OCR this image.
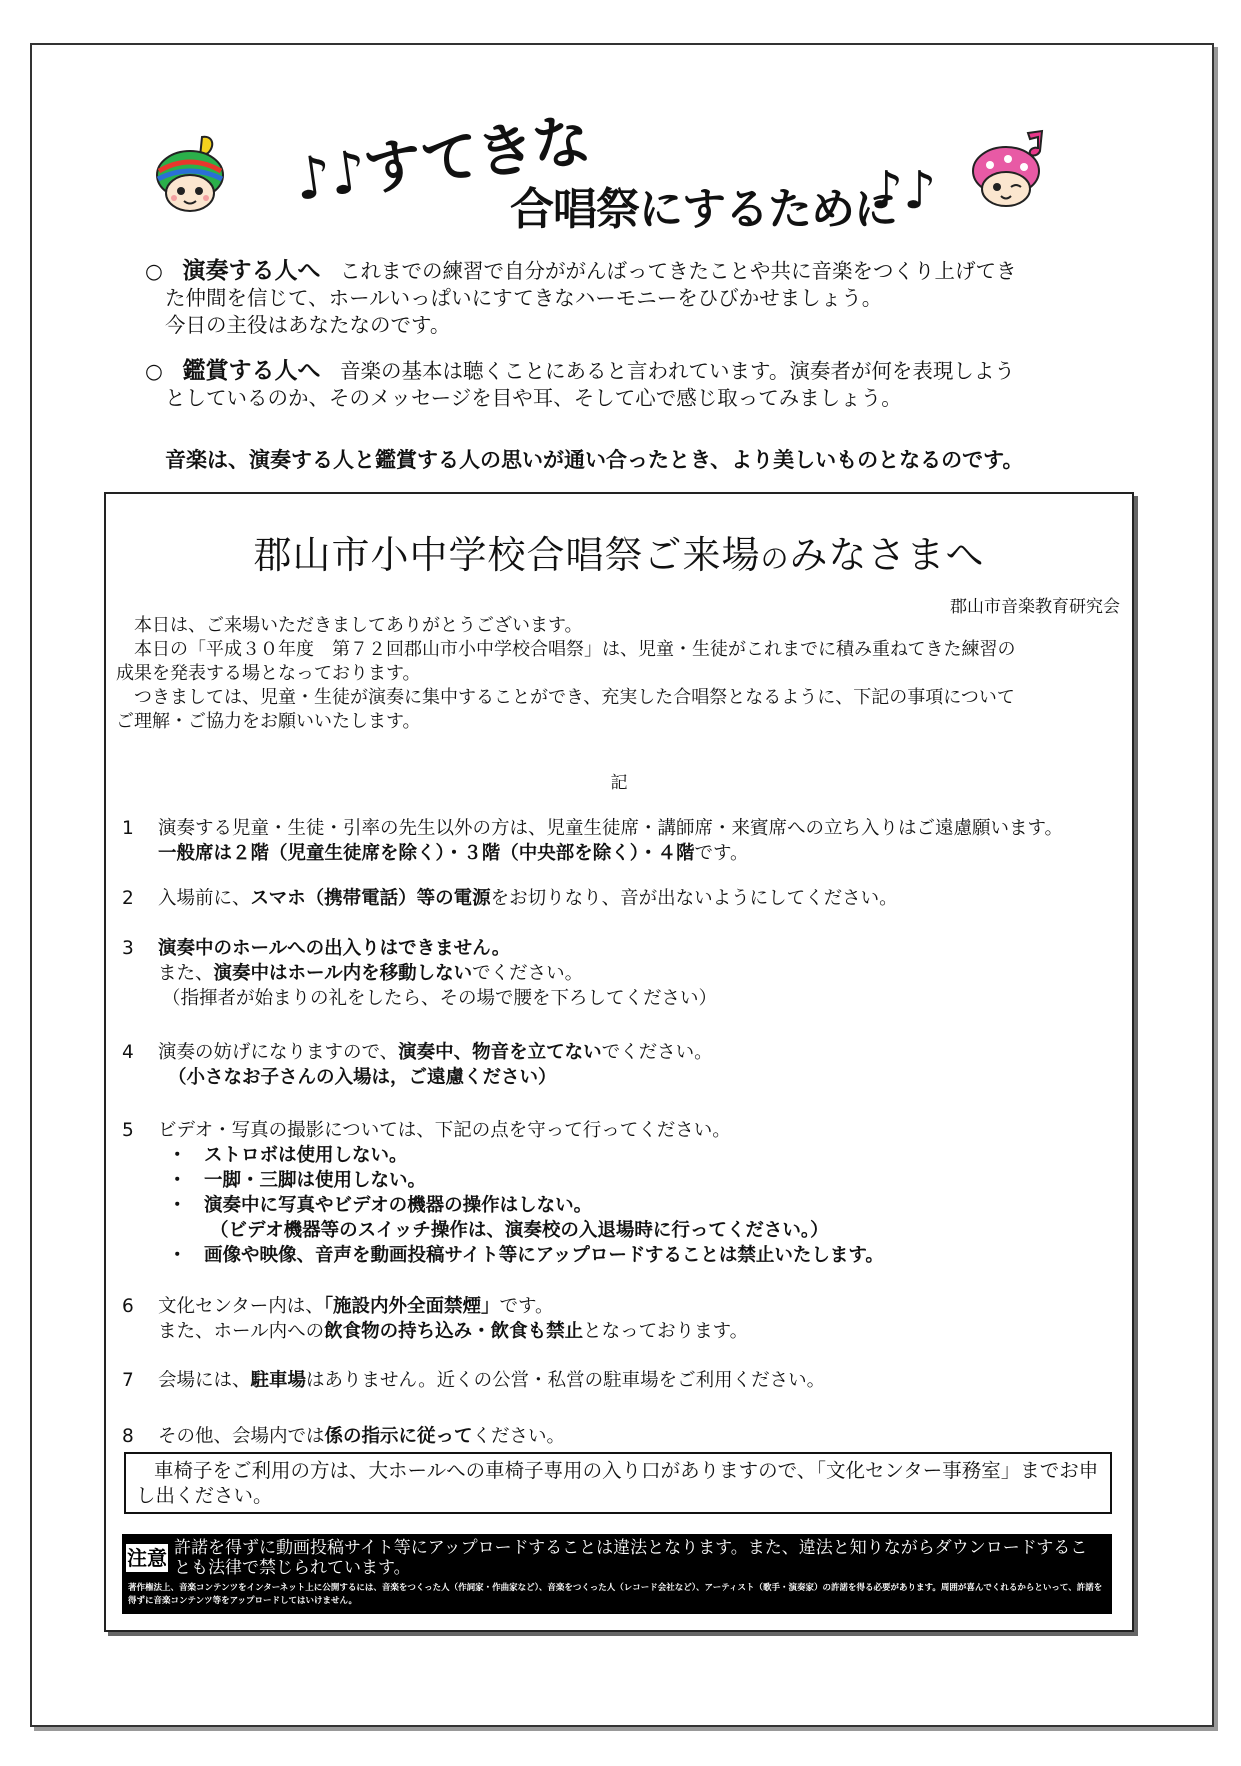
♪♪すてきな
合唱祭にするために
♪♪
○ 演奏する人へ これまでの練習で自分ががんばってきたことや共に音楽をつくり上げてき
た仲間を信じて、ホールいっぱいにすてきなハーモニーをひびかせましょう。
今日の主役はあなたなのです。
○ 鑑賞する人へ 音楽の基本は聴くことにあると言われています。演奏者が何を表現しよう
としているのか、そのメッセージを目や耳、そして心で感じ取ってみましょう。
音楽は、演奏する人と鑑賞する人の思いが通い合ったとき、より美しいものとなるのです。
郡山市小中学校合唱祭ご来場のみなさまへ
郡山市音楽教育研究会
本日は、ご来場いただきましてありがとうございます。
本日の「平成３０年度　第７２回郡山市小中学校合唱祭」は、児童・生徒がこれまでに積み重ねてきた練習の
成果を発表する場となっております。
つきましては、児童・生徒が演奏に集中することができ、充実した合唱祭となるように、下記の事項について
ご理解・ご協力をお願いいたします。
記
1	演奏する児童・生徒・引率の先生以外の方は、児童生徒席・講師席・来賓席への立ち入りはご遠慮願います。
一般席は２階（児童生徒席を除く）・３階（中央部を除く）・４階です。
2	入場前に、スマホ（携帯電話）等の電源をお切りなり、音が出ないようにしてください。
3	演奏中のホールへの出入りはできません。
また、演奏中はホール内を移動しないでください。
（指揮者が始まりの礼をしたら、その場で腰を下ろしてください）
4	演奏の妨げになりますので、演奏中、物音を立てないでください。
（小さなお子さんの入場は，ご遠慮ください）
5	ビデオ・写真の撮影については、下記の点を守って行ってください。
・ ストロボは使用しない。
・ 一脚・三脚は使用しない。
・ 演奏中に写真やビデオの機器の操作はしない。
（ビデオ機器等のスイッチ操作は、演奏校の入退場時に行ってください。）
・ 画像や映像、音声を動画投稿サイト等にアップロードすることは禁止いたします。
6	文化センター内は、「施設内外全面禁煙」です。
また、ホール内への飲食物の持ち込み・飲食も禁止となっております。
7	会場には、駐車場はありません。近くの公営・私営の駐車場をご利用ください。
8	その他、会場内では係の指示に従ってください。
車椅子をご利用の方は、大ホールへの車椅子専用の入り口がありますので、「文化センター事務室」までお申し出ください。
注意 許諾を得ずに動画投稿サイト等にアップロードすることは違法となります。また、違法と知りながらダウンロードすることも法律で禁じられています。
著作権法上、音楽コンテンツをインターネット上に公開するには、音楽をつくった人（作詞家・作曲家など）、音楽をつくった人（レコード会社など）、アーティスト（歌手・演奏家）の許諾を得る必要があります。周囲が喜んでくれるからといって、許諾を得ずに音楽コンテンツ等をアップロードしてはいけません。
